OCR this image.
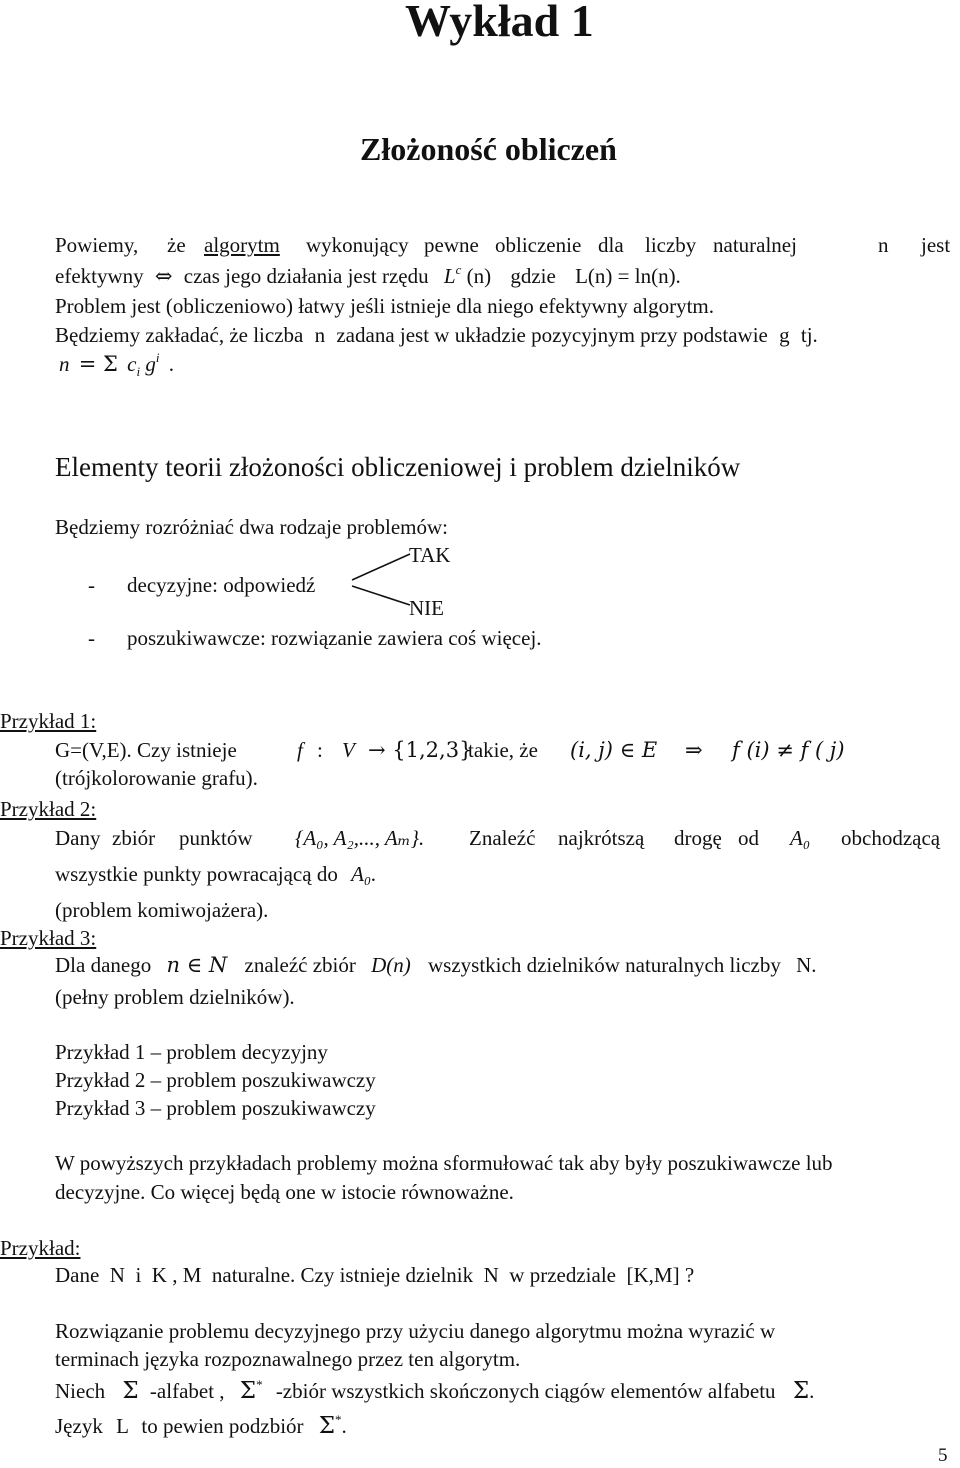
Wykład 1
Złożoność obliczeń
Powiemy, że algorytm wykonujący pewne obliczenie dla liczby naturalnej	n jest
efektywny ⇔ czas jego działania jest rzędu $L^c$ (n) gdzie L(n) = ln(n).
Problem jest (obliczeniowo) łatwy jeśli istnieje dla niego efektywny algorytm.
Będziemy zakładać, że liczba n zadana jest w układzie pozycyjnym przy podstawie g tj.
n = Σ $c_i$ $g^i$ .
Elementy teorii złożoności obliczeniowej i problem dzielników
Będziemy rozróżniać dwa rodzaje problemów:
- decyzyjne: odpowiedź
TAK
NIE
- poszukiwawcze: rozwiązanie zawiera coś więcej.
Przykład 1:
G=(V,E). Czy istnieje	f : V → {1,2,3}
takie, że (i, j) ∈ E ⇒ f (i) ≠ f ( j)
(trójkolorowanie grafu).
Przykład 2:
Dany zbiór punktów {A₀, A₂,..., Aₘ}. Znaleźć najkrótszą drogę od A₀ obchodzącą
wszystkie punkty powracającą do A₀.
(problem komiwojażera).
Przykład 3:
Dla danego n ∈ N znaleźć zbiór D(n) wszystkich dzielników naturalnych liczby N.
(pełny problem dzielników).
Przykład 1 – problem decyzyjny
Przykład 2 – problem poszukiwawczy
Przykład 3 – problem poszukiwawczy
W powyższych przykładach problemy można sformułować tak aby były poszukiwawcze lub
decyzyjne. Co więcej będą one w istocie równoważne.
Przykład:
Dane  N  i  K , M  naturalne. Czy istnieje dzielnik  N  w przedziale  [K,M] ?
Rozwiązanie problemu decyzyjnego przy użyciu danego algorytmu można wyrazić w
terminach języka rozpoznawalnego przez ten algorytm.
Niech Σ -alfabet , Σ* -zbiór wszystkich skończonych ciągów elementów alfabetu Σ.
Język L to pewien podzbiór Σ*.
5
